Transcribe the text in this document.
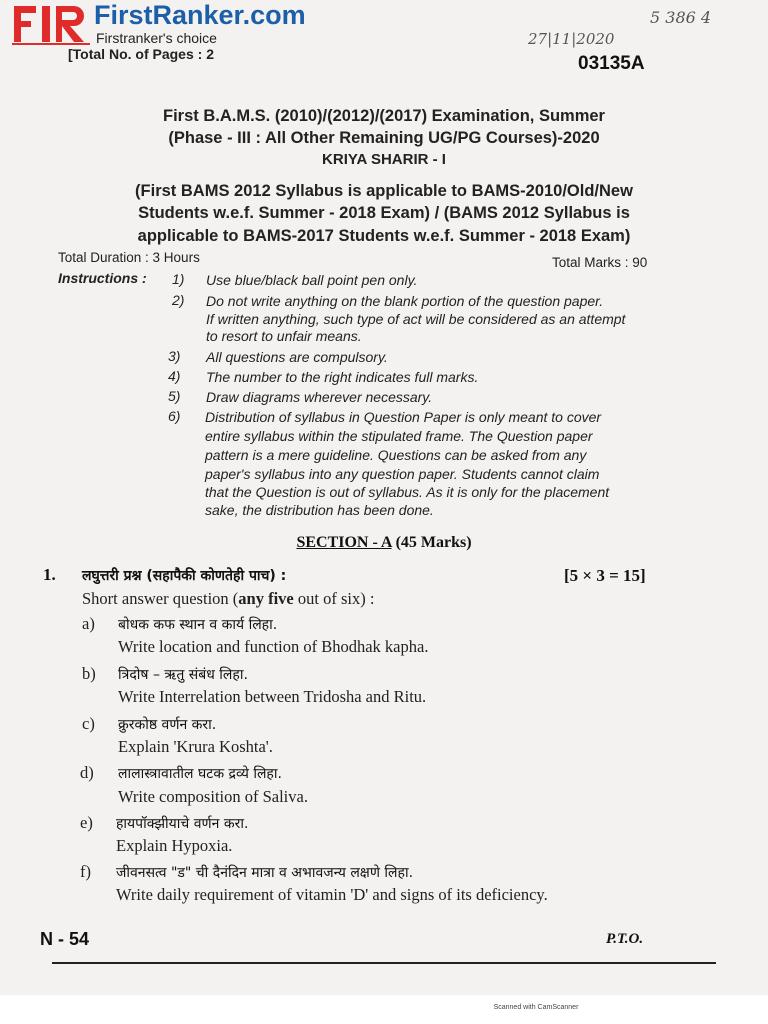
FirstRanker.com
Firstranker's choice
5 386 4
27|11|2020
[Total No. of Pages : 2	03135A
First B.A.M.S. (2010)/(2012)/(2017) Examination, Summer
(Phase - III : All Other Remaining UG/PG Courses)-2020
KRIYA SHARIR - I
(First BAMS 2012 Syllabus is applicable to BAMS-2010/Old/New
Students w.e.f. Summer - 2018 Exam) / (BAMS 2012 Syllabus is
applicable to BAMS-2017 Students w.e.f. Summer - 2018 Exam)
Total Duration : 3 Hours	Total Marks : 90
Instructions : 1) Use blue/black ball point pen only.
2) Do not write anything on the blank portion of the question paper.
If written anything, such type of act will be considered as an attempt
to resort to unfair means.
3) All questions are compulsory.
4) The number to the right indicates full marks.
5) Draw diagrams wherever necessary.
6) Distribution of syllabus in Question Paper is only meant to cover
entire syllabus within the stipulated frame. The Question paper
pattern is a mere guideline. Questions can be asked from any
paper's syllabus into any question paper. Students cannot claim
that the Question is out of syllabus. As it is only for the placement
sake, the distribution has been done.
SECTION - A (45 Marks)
1. लघुत्तरी प्रश्न (सहापैकी कोणतेही पाच) :	[5 × 3 = 15]
Short answer question (any five out of six) :
a) बोधक कफ स्थान व कार्य लिहा.
Write location and function of Bhodhak kapha.
b) त्रिदोष – ऋतु संबंध लिहा.
Write Interrelation between Tridosha and Ritu.
c) क्रुरकोष्ठ वर्णन करा.
Explain 'Krura Koshta'.
d) लालास्त्रावातील घटक द्रव्ये लिहा.
Write composition of Saliva.
e) हायपॉक्झीयाचे वर्णन करा.
Explain Hypoxia.
f) जीवनसत्व "ड" ची दैनंदिन मात्रा व अभावजन्य लक्षणे लिहा.
Write daily requirement of vitamin 'D' and signs of its deficiency.
N - 54	P.T.O.
Scanned with CamScanner
